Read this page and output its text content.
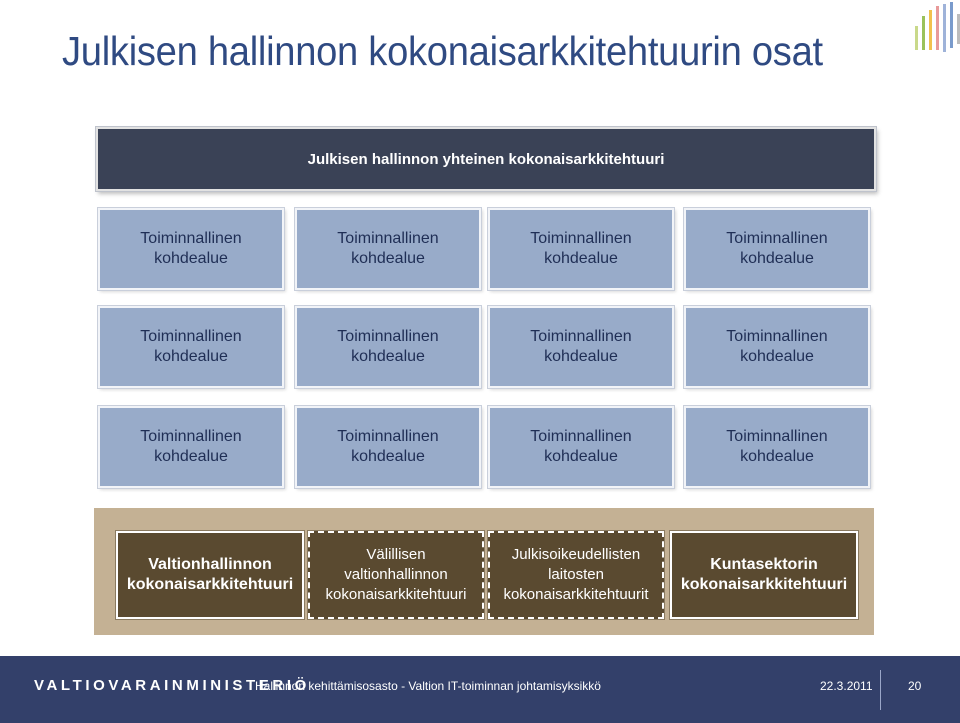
Julkisen hallinnon kokonaisarkkitehtuurin osat
Julkisen hallinnon yhteinen kokonaisarkkitehtuuri
Toiminnallinen
kohdealue
Toiminnallinen
kohdealue
Toiminnallinen
kohdealue
Toiminnallinen
kohdealue
Toiminnallinen
kohdealue
Toiminnallinen
kohdealue
Toiminnallinen
kohdealue
Toiminnallinen
kohdealue
Toiminnallinen
kohdealue
Toiminnallinen
kohdealue
Toiminnallinen
kohdealue
Toiminnallinen
kohdealue
Valtionhallinnon
kokonaisarkkitehtuuri
Välillisen
valtionhallinnon
kokonaisarkkitehtuuri
Julkisoikeudellisten
laitosten
kokonaisarkkitehtuurit
Kuntasektorin
kokonaisarkkitehtuuri
VALTIOVARAINMINISTERIÖ
Hallinnon kehittämisosasto - Valtion IT-toiminnan johtamisyksikkö	22.3.2011	20
